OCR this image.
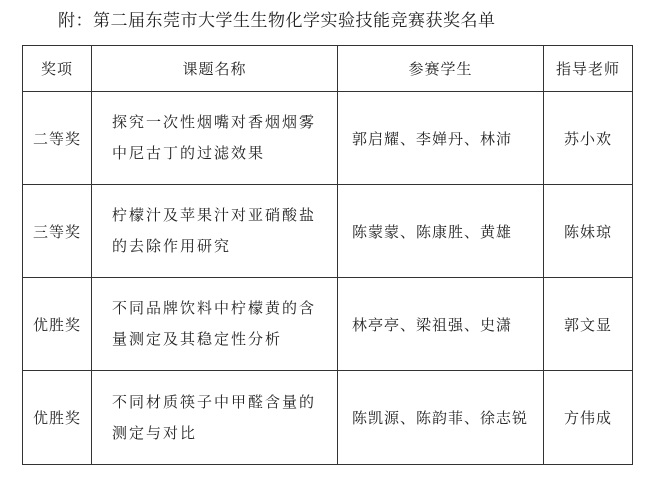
附：第二届东莞市大学生生物化学实验技能竞赛获奖名单
奖项	课题名称	参赛学生	指导老师
二等奖	探究一次性烟嘴对香烟烟雾中尼古丁的过滤效果	郭启耀、李婵丹、林沛	苏小欢
三等奖	柠檬汁及苹果汁对亚硝酸盐的去除作用研究	陈蒙蒙、陈康胜、黄雄	陈妹琼
优胜奖	不同品牌饮料中柠檬黄的含量测定及其稳定性分析	林亭亭、梁祖强、史潇	郭文显
优胜奖	不同材质筷子中甲醛含量的测定与对比	陈凯源、陈韵菲、徐志锐	方伟成
